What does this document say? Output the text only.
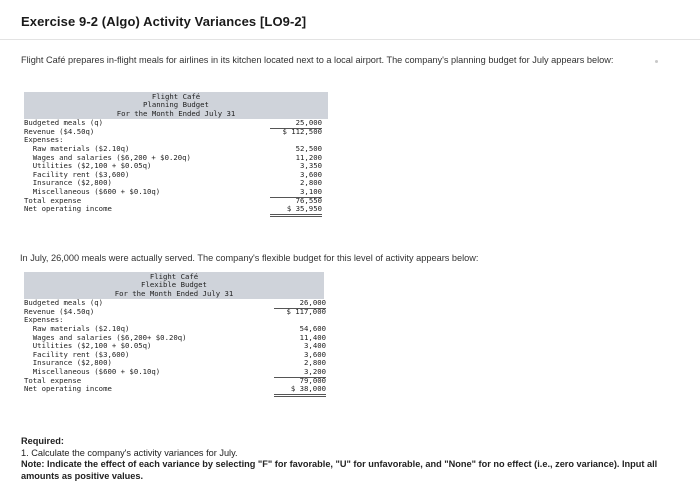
Exercise 9-2 (Algo) Activity Variances [LO9-2]
Flight Café prepares in-flight meals for airlines in its kitchen located next to a local airport. The company's planning budget for July appears below:
Flight Café
Planning Budget
For the Month Ended July 31
Budgeted meals (q)	25,000
Revenue ($4.50q)	$ 112,500
Expenses:
Raw materials ($2.10q)	52,500
Wages and salaries ($6,200 + $0.20q)	11,200
Utilities ($2,100 + $0.05q)	3,350
Facility rent ($3,600)	3,600
Insurance ($2,800)	2,800
Miscellaneous ($600 + $0.10q)	3,100
Total expense	76,550
Net operating income	$ 35,950
In July, 26,000 meals were actually served. The company's flexible budget for this level of activity appears below:
Flight Café
Flexible Budget
For the Month Ended July 31
Budgeted meals (q)	26,000
Revenue ($4.50q)	$ 117,000
Expenses:
Raw materials ($2.10q)	54,600
Wages and salaries ($6,200+ $0.20q)	11,400
Utilities ($2,100 + $0.05q)	3,400
Facility rent ($3,600)	3,600
Insurance ($2,800)	2,800
Miscellaneous ($600 + $0.10q)	3,200
Total expense	79,000
Net operating income	$ 38,000
Required:
1. Calculate the company's activity variances for July.
Note: Indicate the effect of each variance by selecting "F" for favorable, "U" for unfavorable, and "None" for no effect (i.e., zero variance). Input all amounts as positive values.
